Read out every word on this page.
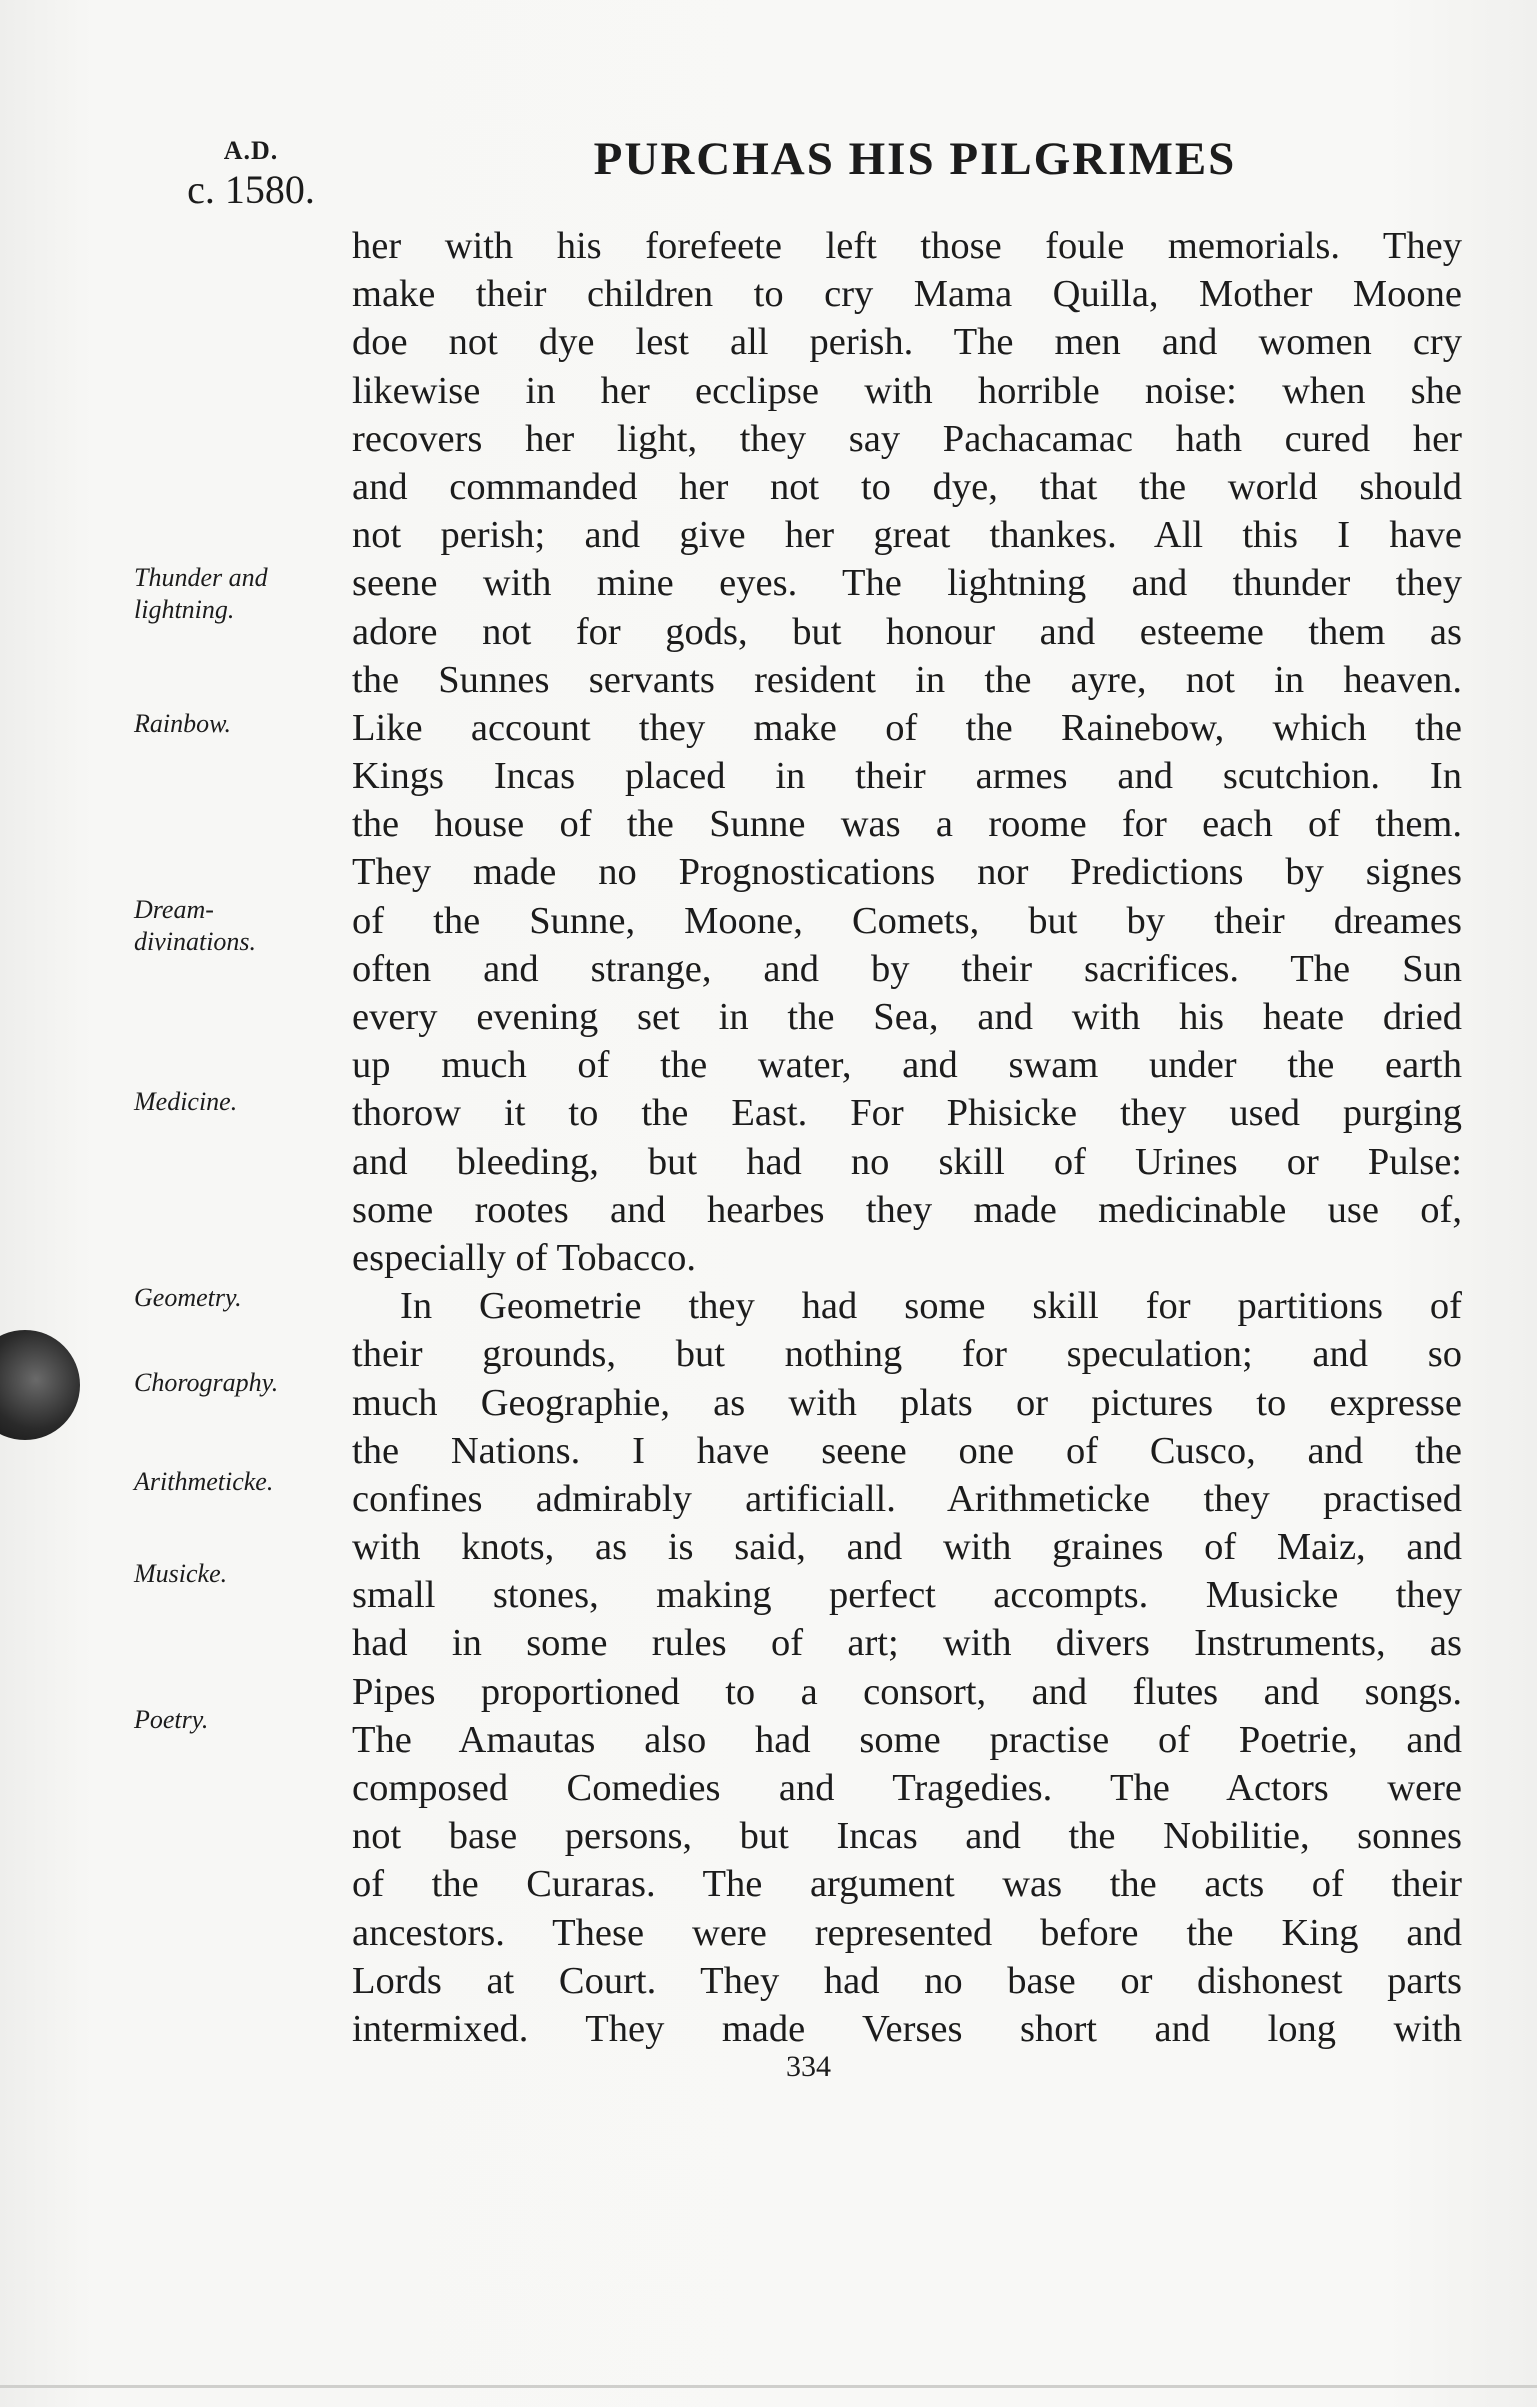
A.D.
c. 1580.
PURCHAS HIS PILGRIMES
her with his forefeete left those foule memorials. They
make their children to cry Mama Quilla, Mother Moone
doe not dye lest all perish. The men and women cry
likewise in her ecclipse with horrible noise: when she
recovers her light, they say Pachacamac hath cured her
and commanded her not to dye, that the world should
not perish; and give her great thankes. All this I have
seene with mine eyes. The lightning and thunder they
adore not for gods, but honour and esteeme them as
the Sunnes servants resident in the ayre, not in heaven.
Like account they make of the Rainebow, which the
Kings Incas placed in their armes and scutchion. In
the house of the Sunne was a roome for each of them.
They made no Prognostications nor Predictions by signes
of the Sunne, Moone, Comets, but by their dreames
often and strange, and by their sacrifices. The Sun
every evening set in the Sea, and with his heate dried
up much of the water, and swam under the earth
thorow it to the East. For Phisicke they used purging
and bleeding, but had no skill of Urines or Pulse:
some rootes and hearbes they made medicinable use of,
especially of Tobacco.
In Geometrie they had some skill for partitions of
their grounds, but nothing for speculation; and so
much Geographie, as with plats or pictures to expresse
the Nations. I have seene one of Cusco, and the
confines admirably artificiall. Arithmeticke they practised
with knots, as is said, and with graines of Maiz, and
small stones, making perfect accompts. Musicke they
had in some rules of art; with divers Instruments, as
Pipes proportioned to a consort, and flutes and songs.
The Amautas also had some practise of Poetrie, and
composed Comedies and Tragedies. The Actors were
not base persons, but Incas and the Nobilitie, sonnes
of the Curaras. The argument was the acts of their
ancestors. These were represented before the King and
Lords at Court. They had no base or dishonest parts
intermixed. They made Verses short and long with
Thunder and lightning.
Rainbow.
Dream-divinations.
Medicine.
Geometry.
Chorography.
Arithmeticke.
Musicke.
Poetry.
334
